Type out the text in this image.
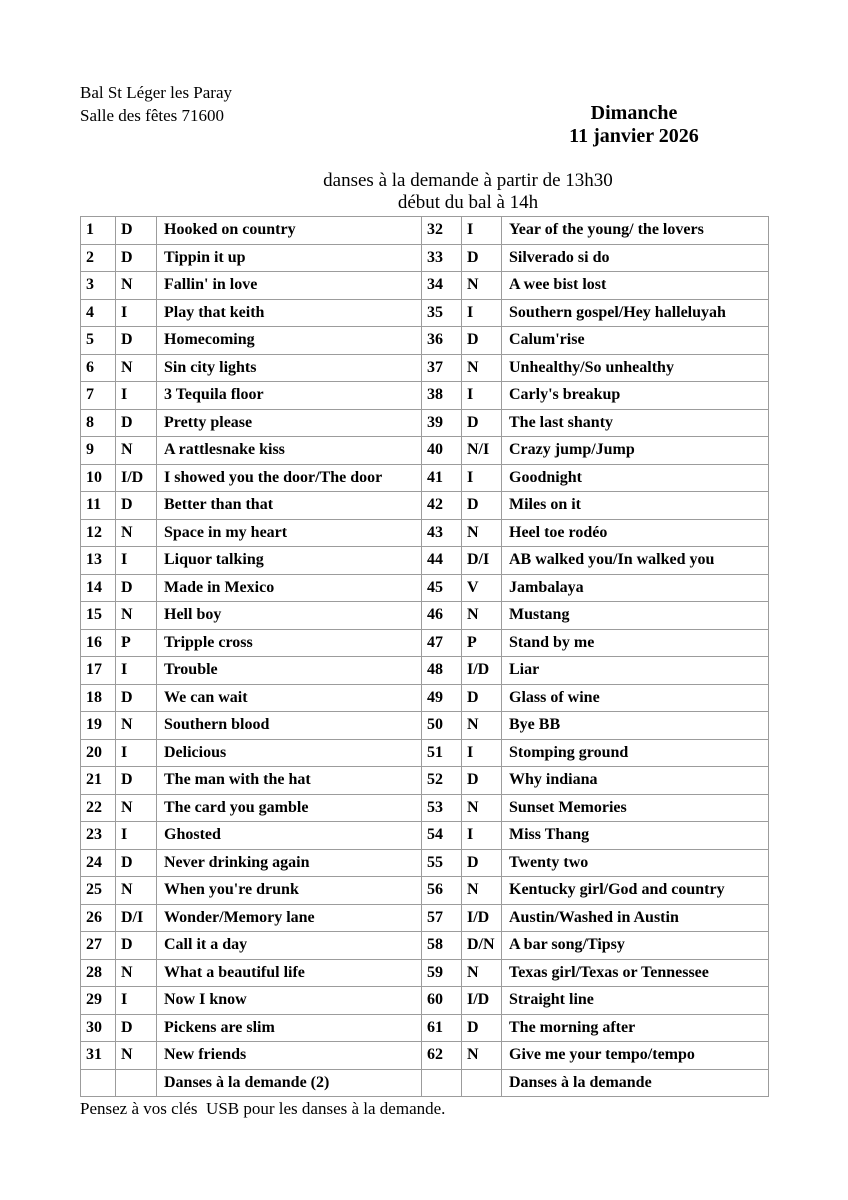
Bal St Léger les Paray
Salle des fêtes 71600	Dimanche
11 janvier 2026
danses à la demande à partir de 13h30
début du bal à 14h
1	D	Hooked on country	32	I	Year of the young/ the lovers
2	D	Tippin it up	33	D	Silverado si do
3	N	Fallin' in love	34	N	A wee bist lost
4	I	Play that keith	35	I	Southern gospel/Hey halleluyah
5	D	Homecoming	36	D	Calum'rise
6	N	Sin city lights	37	N	Unhealthy/So unhealthy
7	I	3 Tequila floor	38	I	Carly's breakup
8	D	Pretty please	39	D	The last shanty
9	N	A rattlesnake kiss	40	N/I	Crazy jump/Jump
10	I/D	I showed you the door/The door	41	I	Goodnight
11	D	Better than that	42	D	Miles on it
12	N	Space in my heart	43	N	Heel toe rodéo
13	I	Liquor talking	44	D/I	AB walked you/In walked you
14	D	Made in Mexico	45	V	Jambalaya
15	N	Hell boy	46	N	Mustang
16	P	Tripple cross	47	P	Stand by me
17	I	Trouble	48	I/D	Liar
18	D	We can wait	49	D	Glass of wine
19	N	Southern blood	50	N	Bye BB
20	I	Delicious	51	I	Stomping ground
21	D	The man with the hat	52	D	Why indiana
22	N	The card you gamble	53	N	Sunset Memories
23	I	Ghosted	54	I	Miss Thang
24	D	Never drinking again	55	D	Twenty two
25	N	When you're drunk	56	N	Kentucky girl/God and country
26	D/I	Wonder/Memory lane	57	I/D	Austin/Washed in Austin
27	D	Call it a day	58	D/N	A bar song/Tipsy
28	N	What a beautiful life	59	N	Texas girl/Texas or Tennessee
29	I	Now I know	60	I/D	Straight line
30	D	Pickens are slim	61	D	The morning after
31	N	New friends	62	N	Give me your tempo/tempo
		Danses à la demande (2)			Danses à la demande
Pensez à vos clés  USB pour les danses à la demande.
